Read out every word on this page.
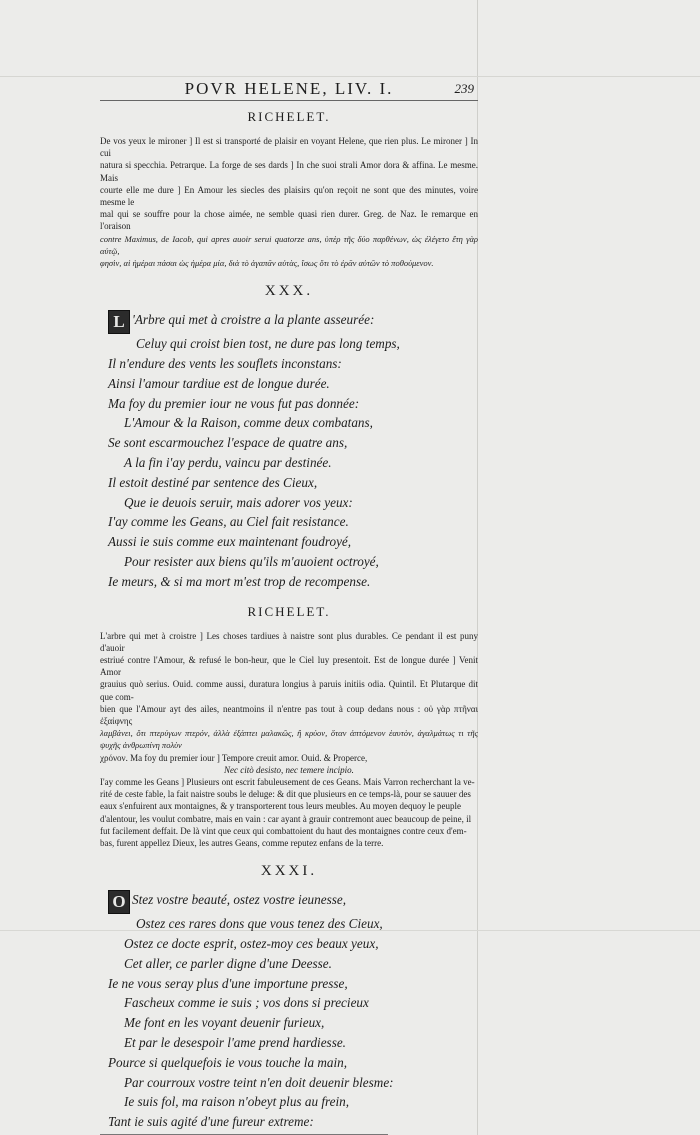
POVR HELENE, LIV. I.	239
RICHELET.
De vos yeux le mironer ] Il est si transporté de plaisir en voyant Helene, que rien plus. Le mironer ] In cui
natura si specchia. Petrarque. La forge de ses dards ] In che suoi strali Amor dora & affina. Le mesme. Mais
courte elle me dure ] En Amour les siecles des plaisirs qu'on reçoit ne sont que des minutes, voire mesme le
mal qui se souffre pour la chose aimée, ne semble quasi rien durer. Greg. de Naz. Ie remarque en l'oraison
contre Maximus, de Iacob, qui apres auoir serui quatorze ans, ὑπὲρ τῆς δύο παρθένων, ὡς ἐλέγετο ἔτη γὰρ αὐτῷ,
φησὶν, αἱ ἡμέραι πάσαι ὡς ἡμέρα μία, διὰ τὸ ἀγαπᾶν αὐτὰς, ἴσως ὅτι τὸ ἐρᾶν αὐτῶν τὸ ποθούμενον.
XXX.
L 'Arbre qui met à croistre a la plante asseurée:
Celuy qui croist bien tost, ne dure pas long temps,
Il n'endure des vents les souflets inconstans:
Ainsi l'amour tardiue est de longue durée.
Ma foy du premier iour ne vous fut pas donnée:
L'Amour & la Raison, comme deux combatans,
Se sont escarmouchez l'espace de quatre ans,
A la fin i'ay perdu, vaincu par destinée.
Il estoit destiné par sentence des Cieux,
Que ie deuois seruir, mais adorer vos yeux:
I'ay comme les Geans, au Ciel fait resistance.
Aussi ie suis comme eux maintenant foudroyé,
Pour resister aux biens qu'ils m'auoient octroyé,
Ie meurs, & si ma mort m'est trop de recompense.
RICHELET.
L'arbre qui met à croistre ] Les choses tardiues à naistre sont plus durables. Ce pendant il est puny d'auoir
estriué contre l'Amour, & refusé le bon-heur, que le Ciel luy presentoit. Est de longue durée ] Venit Amor
grauius quò serius. Ouid. comme aussi, duratura longius à paruis initiis odia. Quintil. Et Plutarque dit que com-
bien que l'Amour ayt des ailes, neantmoins il n'entre pas tout à coup dedans nous : οὐ γὰρ πτῆναι ἐξαίφνης
λαμβάνει, ὅτι πτερύγων πτερόν, ἀλλὰ ἐξάπτει μαλακῶς, ἢ κρύον, ὅταν ἀπτόμενον ἑαυτὸν, ἀγαλμάτως τι τῆς ψυχῆς ἀνθρωπίνη πολὺν
χρόνον. Ma foy du premier iour ] Tempore creuit amor. Ouid. & Properce,
Nec citò desisto, nec temere incipio.
I'ay comme les Geans ] Plusieurs ont escrit fabuleusement de ces Geans. Mais Varron recherchant la ve-
rité de ceste fable, la fait naistre soubs le deluge: & dit que plusieurs en ce temps-là, pour se sauuer des
eaux s'enfuirent aux montaignes, & y transporterent tous leurs meubles. Au moyen dequoy le peuple
d'alentour, les voulut combatre, mais en vain : car ayant à grauir contremont auec beaucoup de peine, il
fut facilement deffait. De là vint que ceux qui combattoient du haut des montaignes contre ceux d'em-
bas, furent appellez Dieux, les autres Geans, comme reputez enfans de la terre.
XXXI.
O Stez vostre beauté, ostez vostre ieunesse,
Ostez ces rares dons que vous tenez des Cieux,
Ostez ce docte esprit, ostez-moy ces beaux yeux,
Cet aller, ce parler digne d'une Deesse.
Ie ne vous seray plus d'une importune presse,
Fascheux comme ie suis ; vos dons si precieux
Me font en les voyant deuenir furieux,
Et par le desespoir l'ame prend hardiesse.
Pource si quelquefois ie vous touche la main,
Par courroux vostre teint n'en doit deuenir blesme:
Ie suis fol, ma raison n'obeyt plus au frein,
Tant ie suis agité d'une fureur extreme:
